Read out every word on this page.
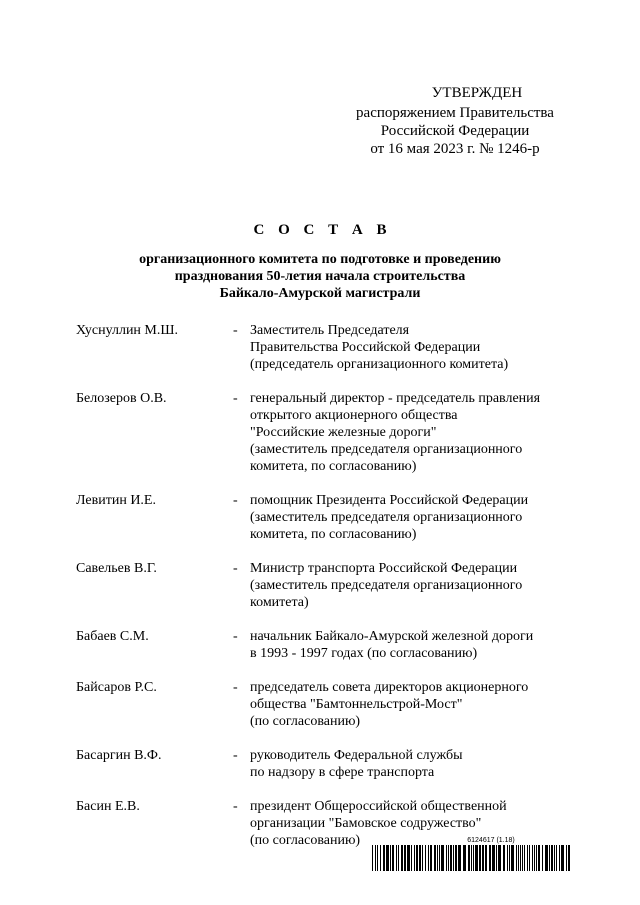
УТВЕРЖДЕН
распоряжением Правительства
Российской Федерации
от 16 мая 2023 г. № 1246-р
С О С Т А В
организационного комитета по подготовке и проведению
празднования 50-летия начала строительства
Байкало-Амурской магистрали
Хуснуллин М.Ш.	- Заместитель Председателя
Правительства Российской Федерации
(председатель организационного комитета)
Белозеров О.В.	- генеральный директор - председатель правления
открытого акционерного общества
"Российские железные дороги"
(заместитель председателя организационного
комитета, по согласованию)
Левитин И.Е.	- помощник Президента Российской Федерации
(заместитель председателя организационного
комитета, по согласованию)
Савельев В.Г.	- Министр транспорта Российской Федерации
(заместитель председателя организационного
комитета)
Бабаев С.М.	- начальник Байкало-Амурской железной дороги
в 1993 - 1997 годах (по согласованию)
Байсаров Р.С.	- председатель совета директоров акционерного
общества "Бамтоннельстрой-Мост"
(по согласованию)
Басаргин В.Ф.	- руководитель Федеральной службы
по надзору в сфере транспорта
Басин Е.В.	- президент Общероссийской общественной
организации "Бамовское содружество"
(по согласованию)	6124617 (1.18)
